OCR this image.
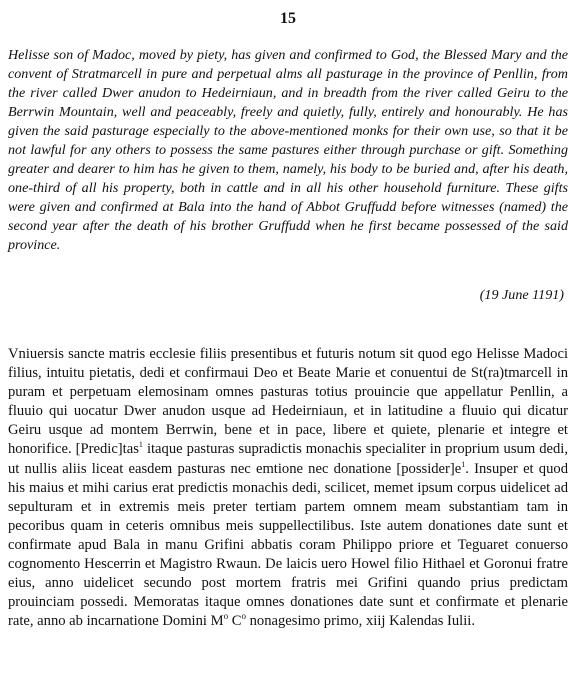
15

Helisse son of Madoc, moved by piety, has given and confirmed to God, the Blessed Mary and the convent of Stratmarcell in pure and perpetual alms all pasturage in the province of Penllin, from the river called Dwer anudon to Hedeirniaun, and in breadth from the river called Geiru to the Berrwin Mountain, well and peaceably, freely and quietly, fully, entirely and honourably. He has given the said pasturage especially to the above-mentioned monks for their own use, so that it be not lawful for any others to possess the same pastures either through purchase or gift. Something greater and dearer to him has he given to them, namely, his body to be buried and, after his death, one-third of all his property, both in cattle and in all his other household furniture. These gifts were given and confirmed at Bala into the hand of Abbot Gruffudd before witnesses (named) the second year after the death of his brother Gruffudd when he first became possessed of the said province.

(19 June 1191)

Vniuersis sancte matris ecclesie filiis presentibus et futuris notum sit quod ego Helisse Madoci filius, intuitu pietatis, dedi et confirmaui Deo et Beate Marie et conuentui de St(ra)tmarcell in puram et perpetuam elemosinam omnes pasturas totius prouincie que appellatur Penllin, a fluuio qui uocatur Dwer anudon usque ad Hedeirniaun, et in latitudine a fluuio qui dicatur Geiru usque ad montem Berrwin, bene et in pace, libere et quiete, plenarie et integre et honorifice. [Predic]tas$^1$ itaque pasturas supradictis monachis specialiter in proprium usum dedi, ut nullis aliis liceat easdem pasturas nec emtione nec donatione $[possider]e^1$. Insuper et quod his maius et mihi carius erat predictis monachis dedi, scilicet, memet ipsum corpus uidelicet ad sepulturam et in extremis meis preter tertiam partem omnem meam substantiam tam in pecoribus quam in ceteris omnibus meis suppellectilibus. Iste autem donationes date sunt et confirmate apud Bala in manu Grifini abbatis coram Philippo priore et Teguaret conuerso cognomento Hescerrin et Magistro Rwaun. De laicis uero Howel filio Hithael et Goronui fratre eius, anno uidelicet secundo post mortem fratris mei Grifini quando prius predictam prouinciam possedi. Memoratas itaque omnes donationes date sunt et confirmate et plenarie rate, anno ab incarnatione Domini $M^o$ $C^o$ nonagesimo primo, xiij Kalendas Iulii.
